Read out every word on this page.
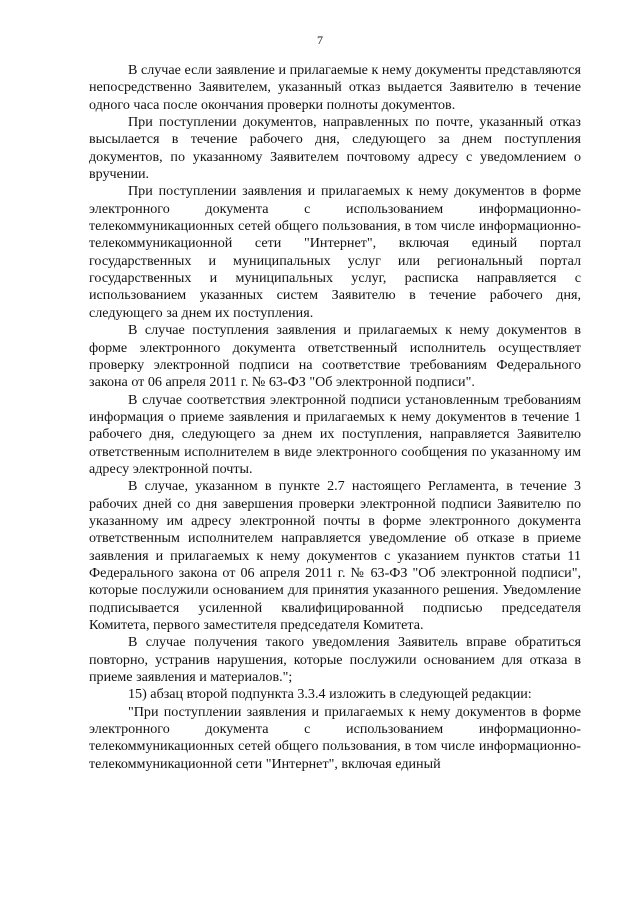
7

В случае если заявление и прилагаемые к нему документы представляются непосредственно Заявителем, указанный отказ выдается Заявителю в течение одного часа после окончания проверки полноты документов.

При поступлении документов, направленных по почте, указанный отказ высылается в течение рабочего дня, следующего за днем поступления документов, по указанному Заявителем почтовому адресу с уведомлением о вручении.

При поступлении заявления и прилагаемых к нему документов в форме электронного документа с использованием информационно-телекоммуникационных сетей общего пользования, в том числе информационно-телекоммуникационной сети "Интернет", включая единый портал государственных и муниципальных услуг или региональный портал государственных и муниципальных услуг, расписка направляется с использованием указанных систем Заявителю в течение рабочего дня, следующего за днем их поступления.

В случае поступления заявления и прилагаемых к нему документов в форме электронного документа ответственный исполнитель осуществляет проверку электронной подписи на соответствие требованиям Федерального закона от 06 апреля 2011 г. № 63-ФЗ "Об электронной подписи".

В случае соответствия электронной подписи установленным требованиям информация о приеме заявления и прилагаемых к нему документов в течение 1 рабочего дня, следующего за днем их поступления, направляется Заявителю ответственным исполнителем в виде электронного сообщения по указанному им адресу электронной почты.

В случае, указанном в пункте 2.7 настоящего Регламента, в течение 3 рабочих дней со дня завершения проверки электронной подписи Заявителю по указанному им адресу электронной почты в форме электронного документа ответственным исполнителем направляется уведомление об отказе в приеме заявления и прилагаемых к нему документов с указанием пунктов статьи 11 Федерального закона от 06 апреля 2011 г. № 63-ФЗ "Об электронной подписи", которые послужили основанием для принятия указанного решения. Уведомление подписывается усиленной квалифицированной подписью председателя Комитета, первого заместителя председателя Комитета.

В случае получения такого уведомления Заявитель вправе обратиться повторно, устранив нарушения, которые послужили основанием для отказа в приеме заявления и материалов.";

15) абзац второй подпункта 3.3.4 изложить в следующей редакции:

"При поступлении заявления и прилагаемых к нему документов в форме электронного документа с использованием информационно-телекоммуникационных сетей общего пользования, в том числе информационно-телекоммуникационной сети "Интернет", включая единый
